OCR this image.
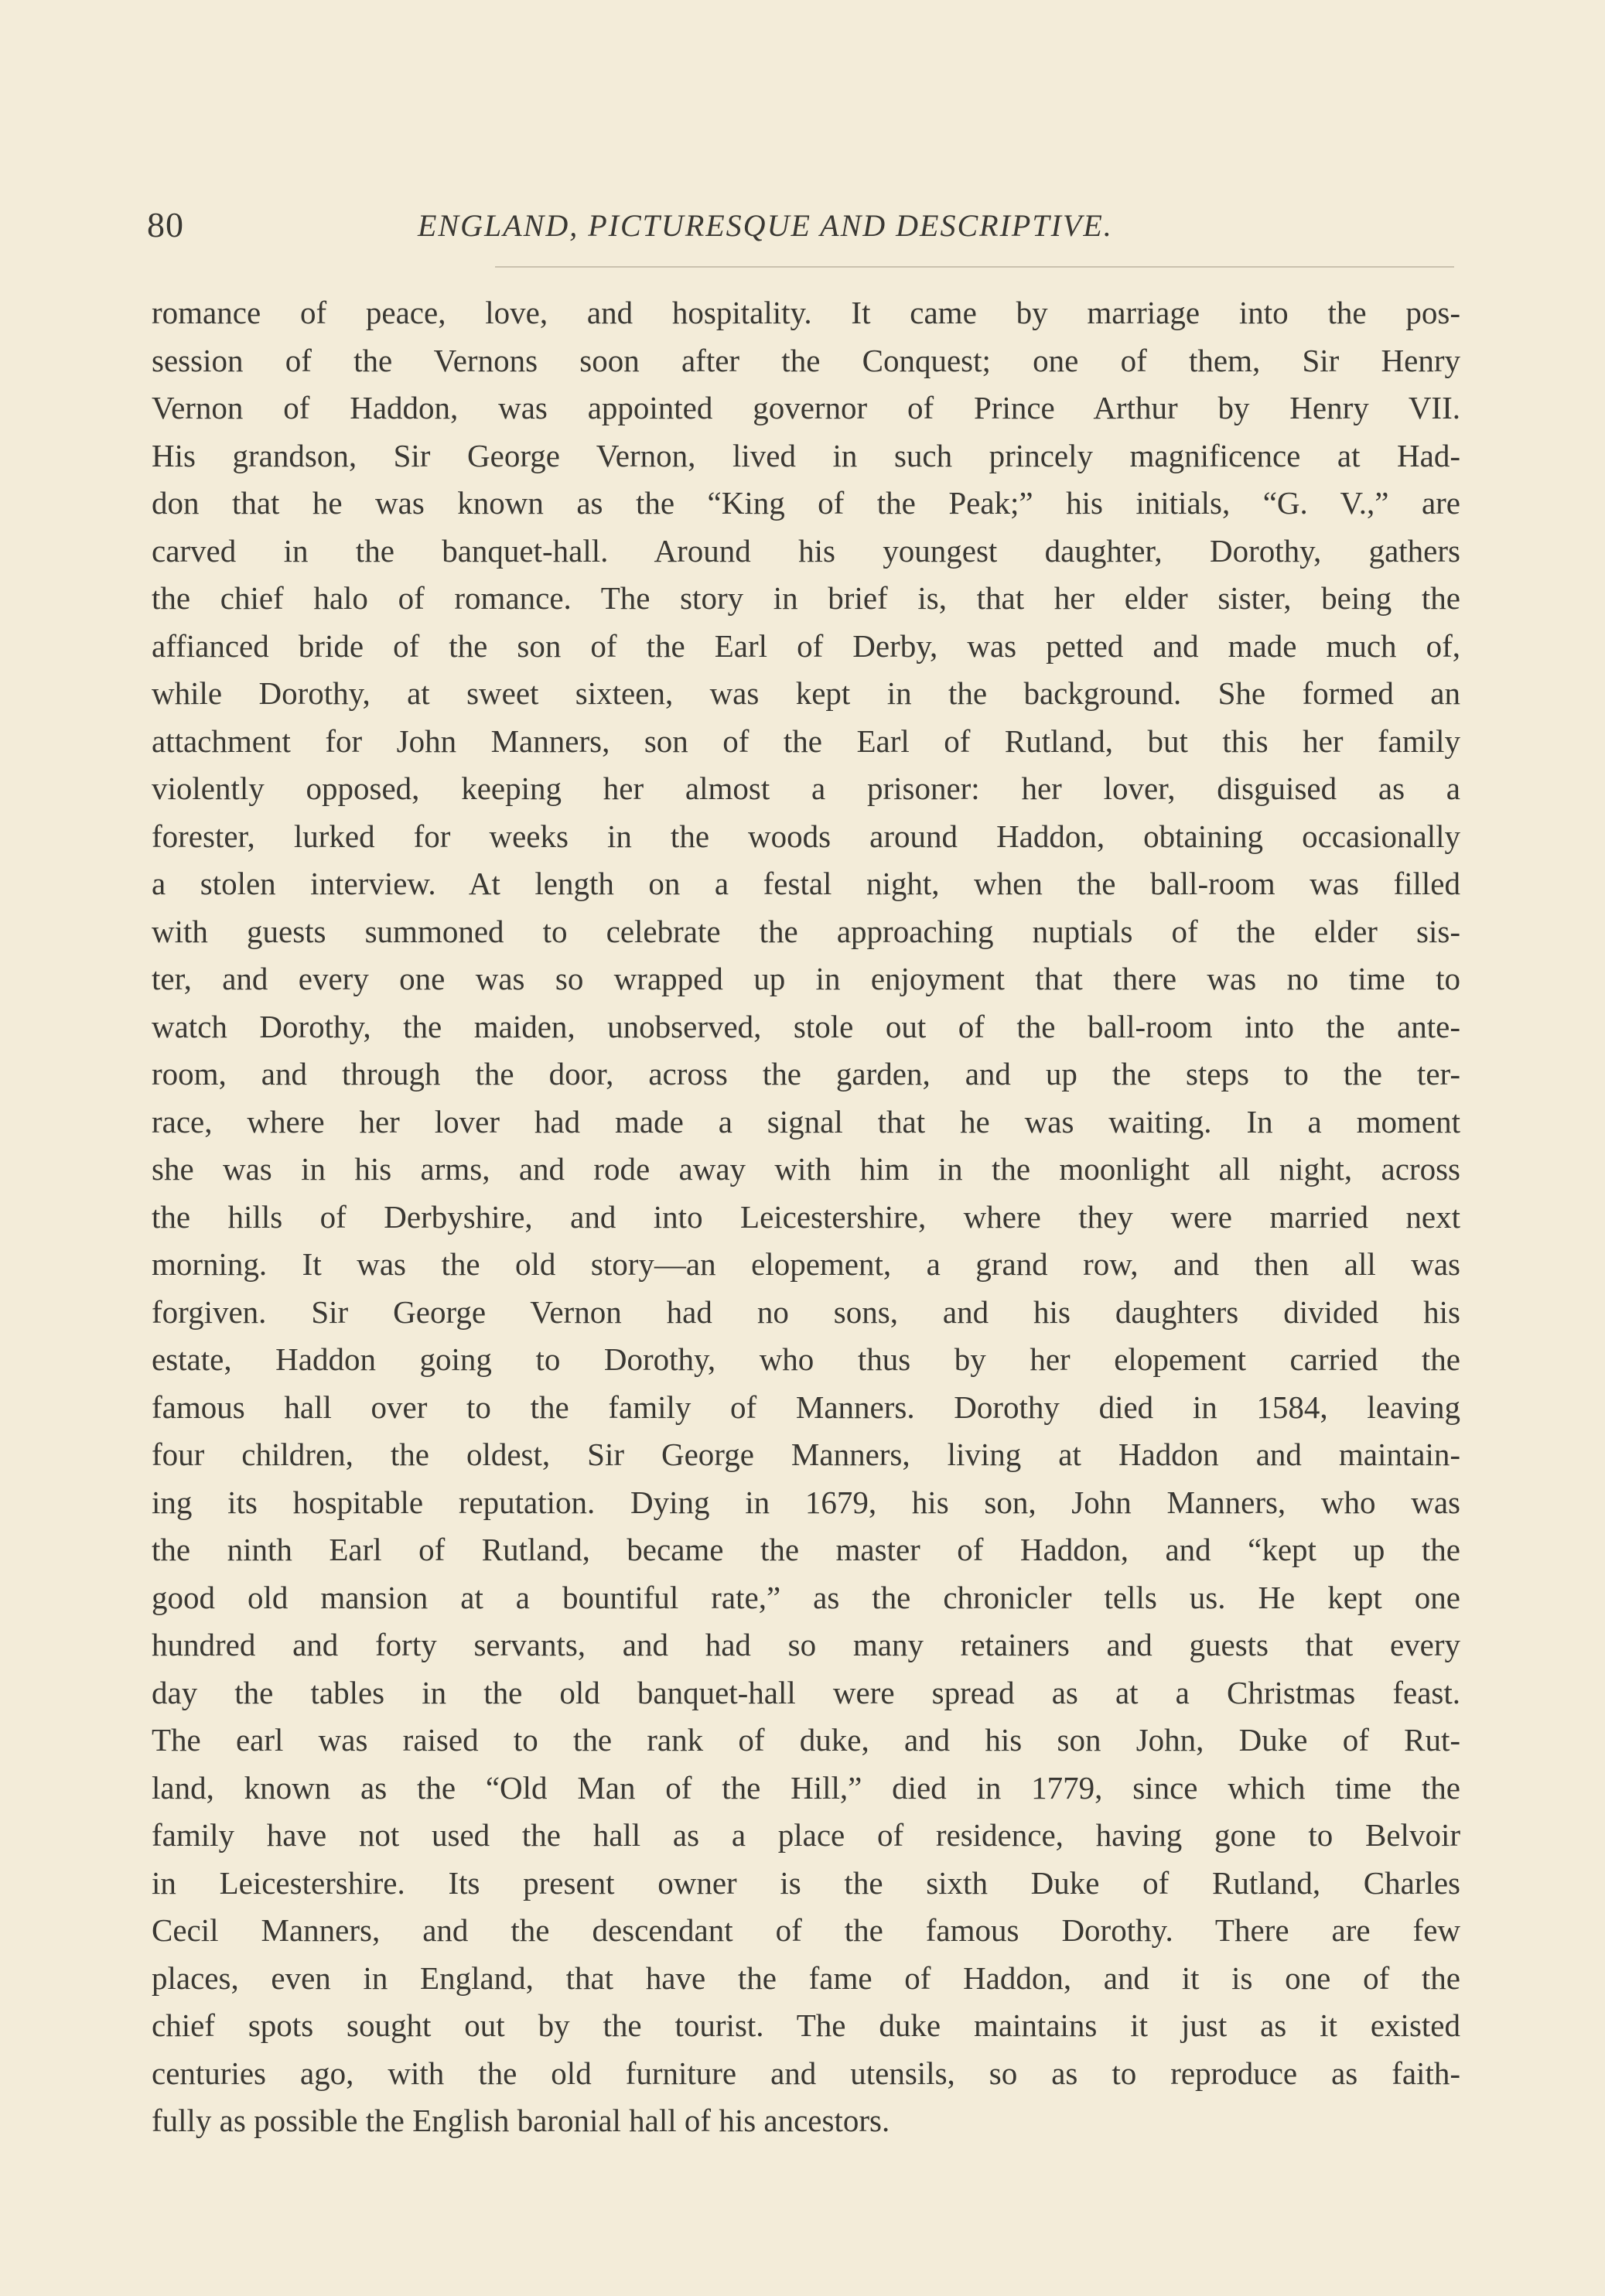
80	ENGLAND, PICTURESQUE AND DESCRIPTIVE.
romance of peace, love, and hospitality. It came by marriage into the pos-
session of the Vernons soon after the Conquest; one of them, Sir Henry
Vernon of Haddon, was appointed governor of Prince Arthur by Henry VII.
His grandson, Sir George Vernon, lived in such princely magnificence at Had-
don that he was known as the “King of the Peak;” his initials, “G. V.,” are
carved in the banquet-hall. Around his youngest daughter, Dorothy, gathers
the chief halo of romance. The story in brief is, that her elder sister, being the
affianced bride of the son of the Earl of Derby, was petted and made much of,
while Dorothy, at sweet sixteen, was kept in the background. She formed an
attachment for John Manners, son of the Earl of Rutland, but this her family
violently opposed, keeping her almost a prisoner: her lover, disguised as a
forester, lurked for weeks in the woods around Haddon, obtaining occasionally
a stolen interview. At length on a festal night, when the ball-room was filled
with guests summoned to celebrate the approaching nuptials of the elder sis-
ter, and every one was so wrapped up in enjoyment that there was no time to
watch Dorothy, the maiden, unobserved, stole out of the ball-room into the ante-
room, and through the door, across the garden, and up the steps to the ter-
race, where her lover had made a signal that he was waiting. In a moment
she was in his arms, and rode away with him in the moonlight all night, across
the hills of Derbyshire, and into Leicestershire, where they were married next
morning. It was the old story—an elopement, a grand row, and then all was
forgiven. Sir George Vernon had no sons, and his daughters divided his
estate, Haddon going to Dorothy, who thus by her elopement carried the
famous hall over to the family of Manners. Dorothy died in 1584, leaving
four children, the oldest, Sir George Manners, living at Haddon and maintain-
ing its hospitable reputation. Dying in 1679, his son, John Manners, who was
the ninth Earl of Rutland, became the master of Haddon, and “kept up the
good old mansion at a bountiful rate,” as the chronicler tells us. He kept one
hundred and forty servants, and had so many retainers and guests that every
day the tables in the old banquet-hall were spread as at a Christmas feast.
The earl was raised to the rank of duke, and his son John, Duke of Rut-
land, known as the “Old Man of the Hill,” died in 1779, since which time the
family have not used the hall as a place of residence, having gone to Belvoir
in Leicestershire. Its present owner is the sixth Duke of Rutland, Charles
Cecil Manners, and the descendant of the famous Dorothy. There are few
places, even in England, that have the fame of Haddon, and it is one of the
chief spots sought out by the tourist. The duke maintains it just as it existed
centuries ago, with the old furniture and utensils, so as to reproduce as faith-
fully as possible the English baronial hall of his ancestors.
